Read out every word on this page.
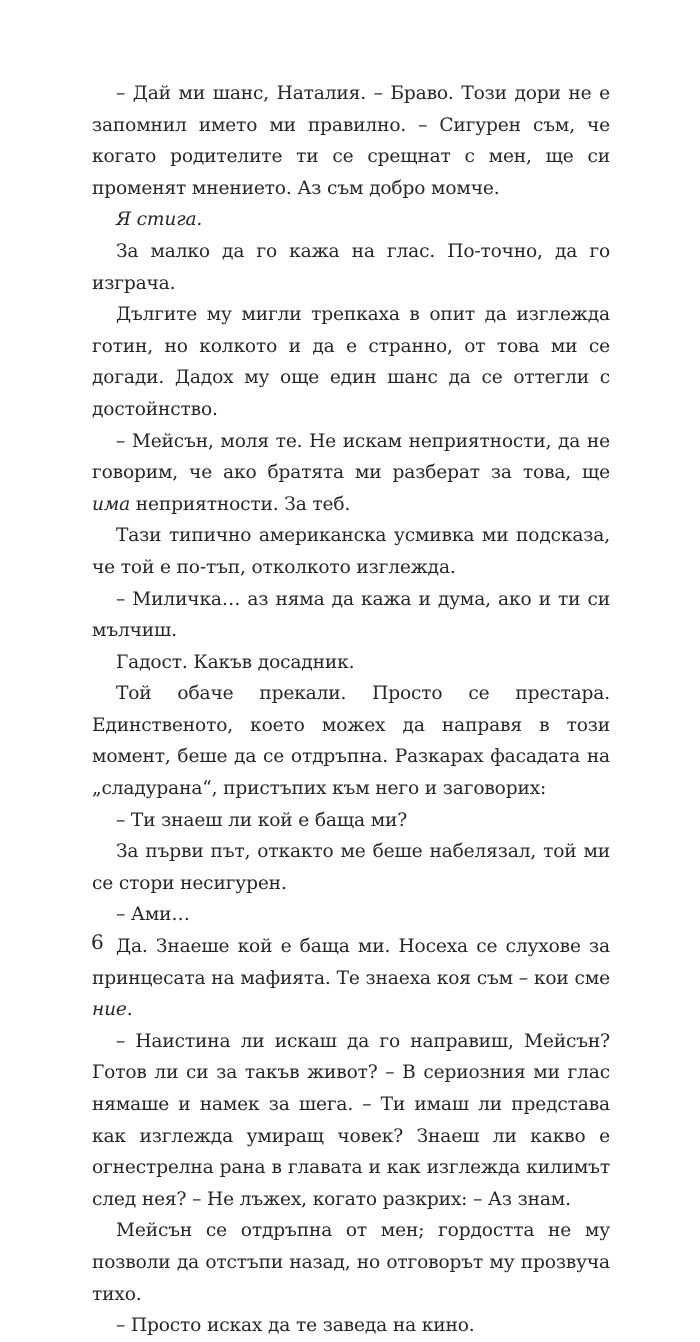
– Дай ми шанс, Наталия. – Браво. Този дори не е запомнил името ми правилно. – Сигурен съм, че когато родителите ти се срещнат с мен, ще си променят мнението. Аз съм добро момче.

Я стига.

За малко да го кажа на глас. По-точно, да го изграча.

Дългите му мигли трепкаха в опит да изглежда готин, но колкото и да е странно, от това ми се догади. Дадох му още един шанс да се оттегли с достойнство.

– Мейсън, моля те. Не искам неприятности, да не говорим, че ако братята ми разберат за това, ще има неприятности. За теб.

Тази типично американска усмивка ми подсказа, че той е по-тъп, отколкото изглежда.

– Миличка… аз няма да кажа и дума, ако и ти си мълчиш.

Гадост. Какъв досадник.

Той обаче прекали. Просто се престара. Единственото, което можех да направя в този момент, беше да се отдръпна. Разкарах фасадата на „сладурана“, пристъпих към него и заговорих:

– Ти знаеш ли кой е баща ми?

За първи път, откакто ме беше набелязал, той ми се стори несигурен.

– Ами…

Да. Знаеше кой е баща ми. Носеха се слухове за принцесата на мафията. Те знаеха коя съм – кои сме ние.

– Наистина ли искаш да го направиш, Мейсън? Готов ли си за такъв живот? – В сериозния ми глас нямаше и намек за шега. – Ти имаш ли представа как изглежда умиращ човек? Знаеш ли какво е огнестрелна рана в главата и как изглежда килимът след нея? – Не лъжех, когато разкрих: – Аз знам.

Мейсън се отдръпна от мен; гордостта не му позволи да отстъпи назад, но отговорът му прозвуча тихо.

– Просто исках да те заведа на кино.

6
